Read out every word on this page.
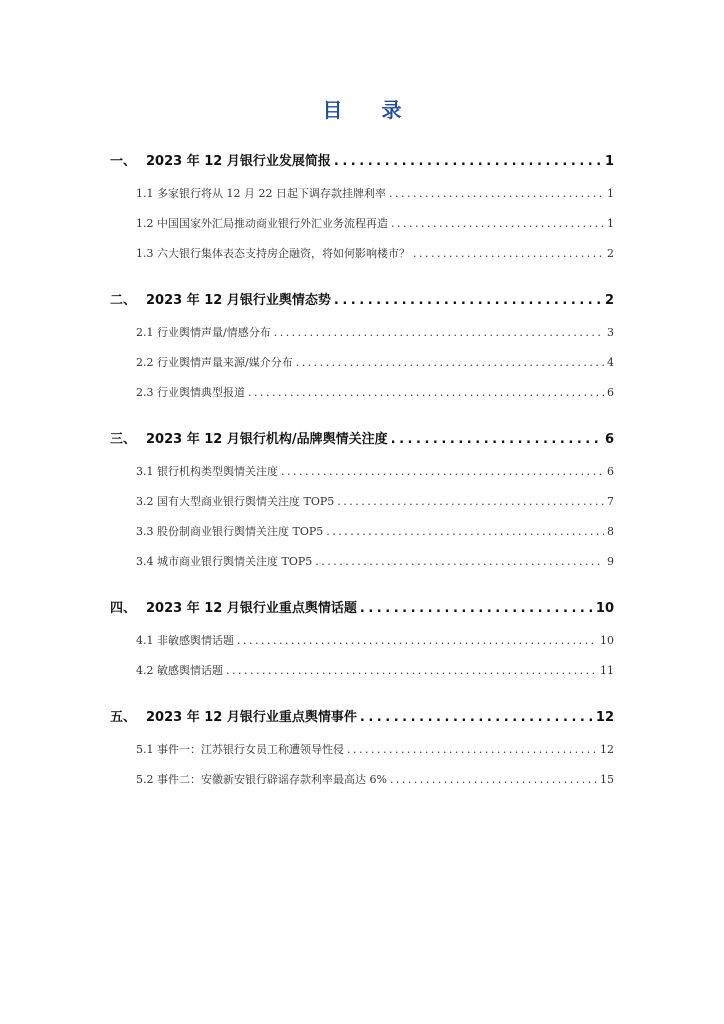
目 录
一、 2023 年 12 月银行业发展简报 . . .	1
1.1 多家银行将从 12 月 22 日起下调存款挂牌利率 . . .	1
1.2 中国国家外汇局推动商业银行外汇业务流程再造 . . .	1
1.3 六大银行集体表态支持房企融资，将如何影响楼市？ . . .	2
二、 2023 年 12 月银行业舆情态势 . . .	2
2.1 行业舆情声量/情感分布 . . .	3
2.2 行业舆情声量来源/媒介分布 . . .	4
2.3 行业舆情典型报道 . . .	6
三、 2023 年 12 月银行机构/品牌舆情关注度 . . .	6
3.1 银行机构类型舆情关注度 . . .	6
3.2 国有大型商业银行舆情关注度 TOP5 . . .	7
3.3 股份制商业银行舆情关注度 TOP5 . . .	8
3.4 城市商业银行舆情关注度 TOP5 . . .	9
四、 2023 年 12 月银行业重点舆情话题 . . .	10
4.1 非敏感舆情话题 . . .	10
4.2 敏感舆情话题 . . .	11
五、 2023 年 12 月银行业重点舆情事件 . . .	12
5.1 事件一：江苏银行女员工称遭领导性侵 . . .	12
5.2 事件二：安徽新安银行辟谣存款利率最高达 6% . . .	15
